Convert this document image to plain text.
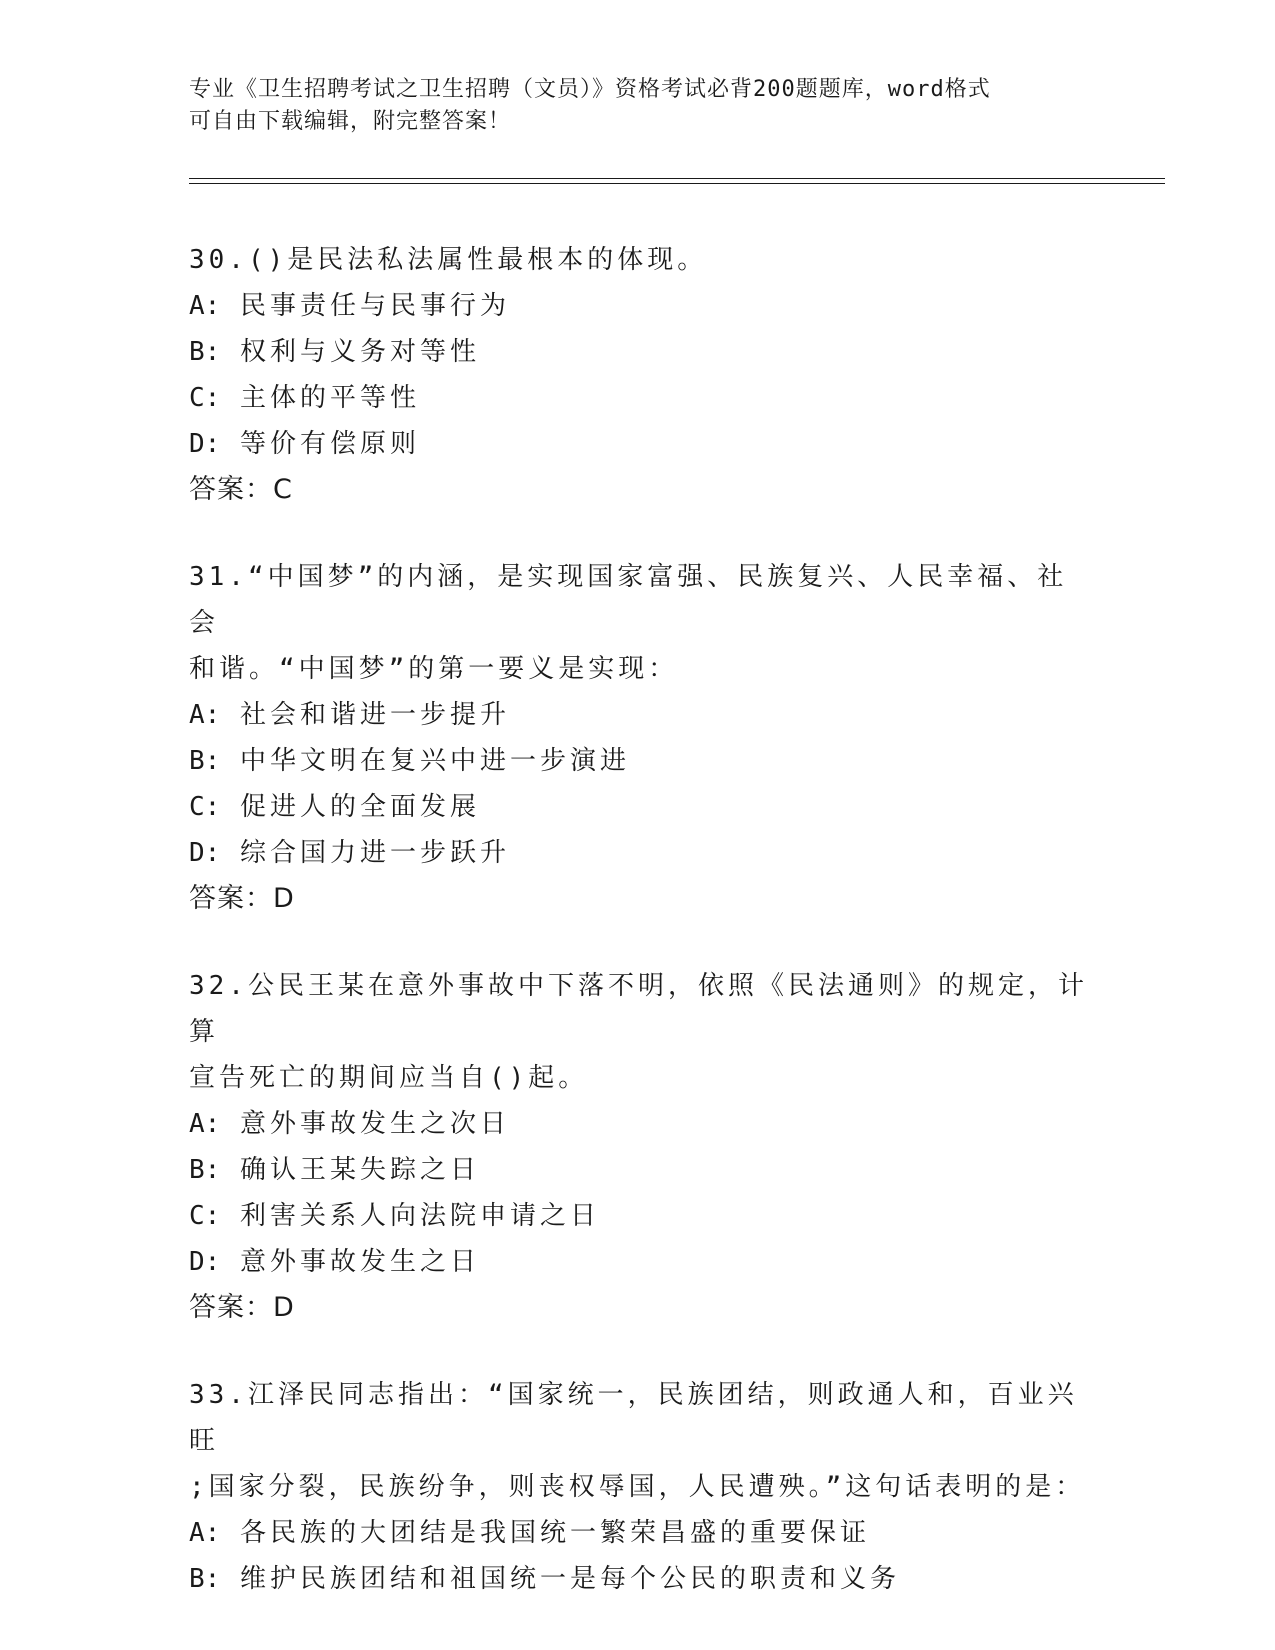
专业《卫生招聘考试之卫生招聘（文员）》资格考试必背200题题库，word格式
可自由下载编辑，附完整答案！

30.()是民法私法属性最根本的体现。

A: 民事责任与民事行为

B: 权利与义务对等性

C: 主体的平等性

D: 等价有偿原则

答案：C

31.“中国梦”的内涵，是实现国家富强、民族复兴、人民幸福、社会

和谐。“中国梦”的第一要义是实现：

A: 社会和谐进一步提升

B: 中华文明在复兴中进一步演进

C: 促进人的全面发展

D: 综合国力进一步跃升

答案：D

32.公民王某在意外事故中下落不明，依照《民法通则》的规定，计算

宣告死亡的期间应当自()起。

A: 意外事故发生之次日

B: 确认王某失踪之日

C: 利害关系人向法院申请之日

D: 意外事故发生之日

答案：D

33.江泽民同志指出：“国家统一，民族团结，则政通人和，百业兴旺

;国家分裂，民族纷争，则丧权辱国，人民遭殃。”这句话表明的是：

A: 各民族的大团结是我国统一繁荣昌盛的重要保证

B: 维护民族团结和祖国统一是每个公民的职责和义务
